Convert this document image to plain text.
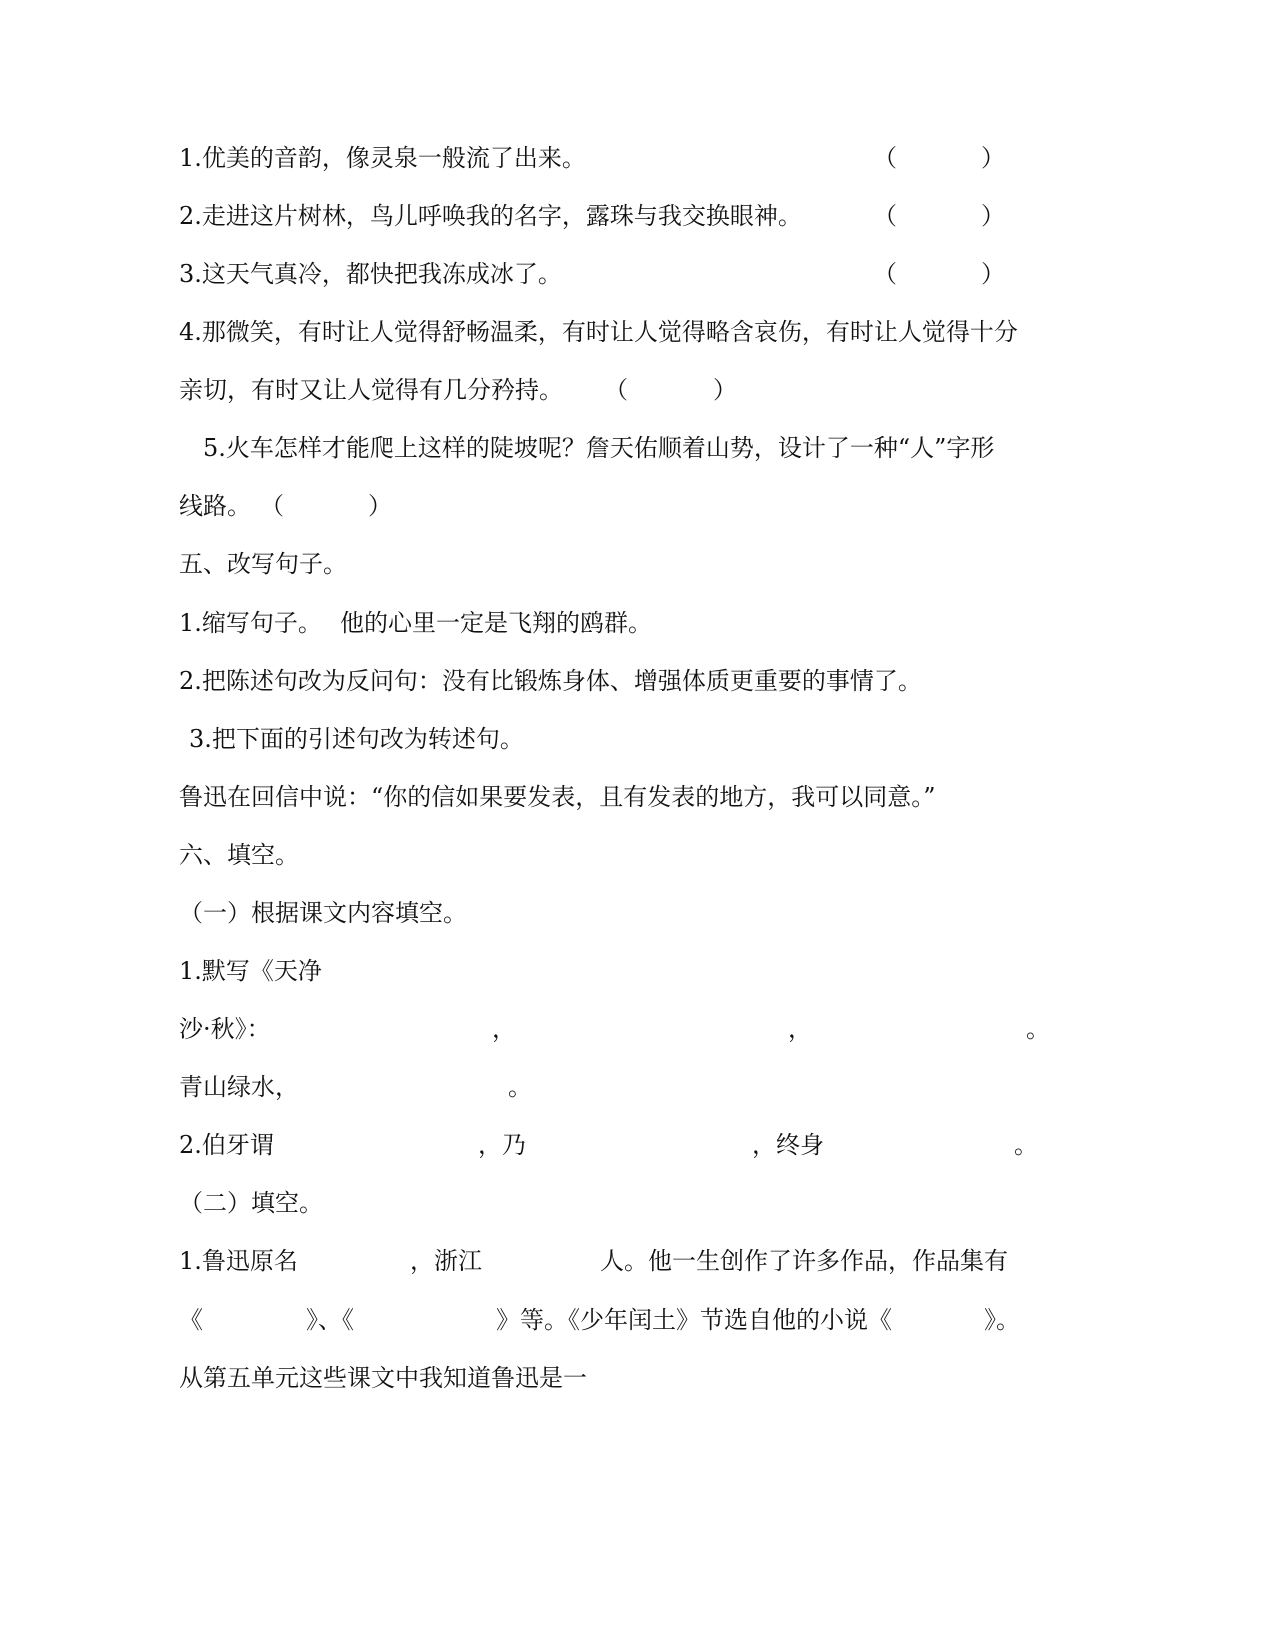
1.优美的音韵，像灵泉一般流了出来。	（	）
2.走进这片树林，鸟儿呼唤我的名字，露珠与我交换眼神。	（	）
3.这天气真冷，都快把我冻成冰了。	（	）
4.那微笑，有时让人觉得舒畅温柔，有时让人觉得略含哀伤，有时让人觉得十分
亲切，有时又让人觉得有几分矜持。 （	）
5.火车怎样才能爬上这样的陡坡呢？詹天佑顺着山势，设计了一种“人”字形
线路。 （	）
五、改写句子。
1.缩写句子。 他的心里一定是飞翔的鸥群。
2.把陈述句改为反问句：没有比锻炼身体、增强体质更重要的事情了。
3.把下面的引述句改为转述句。
鲁迅在回信中说：“你的信如果要发表，且有发表的地方，我可以同意。”
六、填空。
（一）根据课文内容填空。
1.默写《天净
沙·秋》：	，	，	。
青山绿水，	。
2.伯牙谓	，乃	，终身	。
（二）填空。
1.鲁迅原名	，浙江	人。他一生创作了许多作品，作品集有
《	》、《	》等。《少年闰土》节选自他的小说《	》。
从第五单元这些课文中我知道鲁迅是一
